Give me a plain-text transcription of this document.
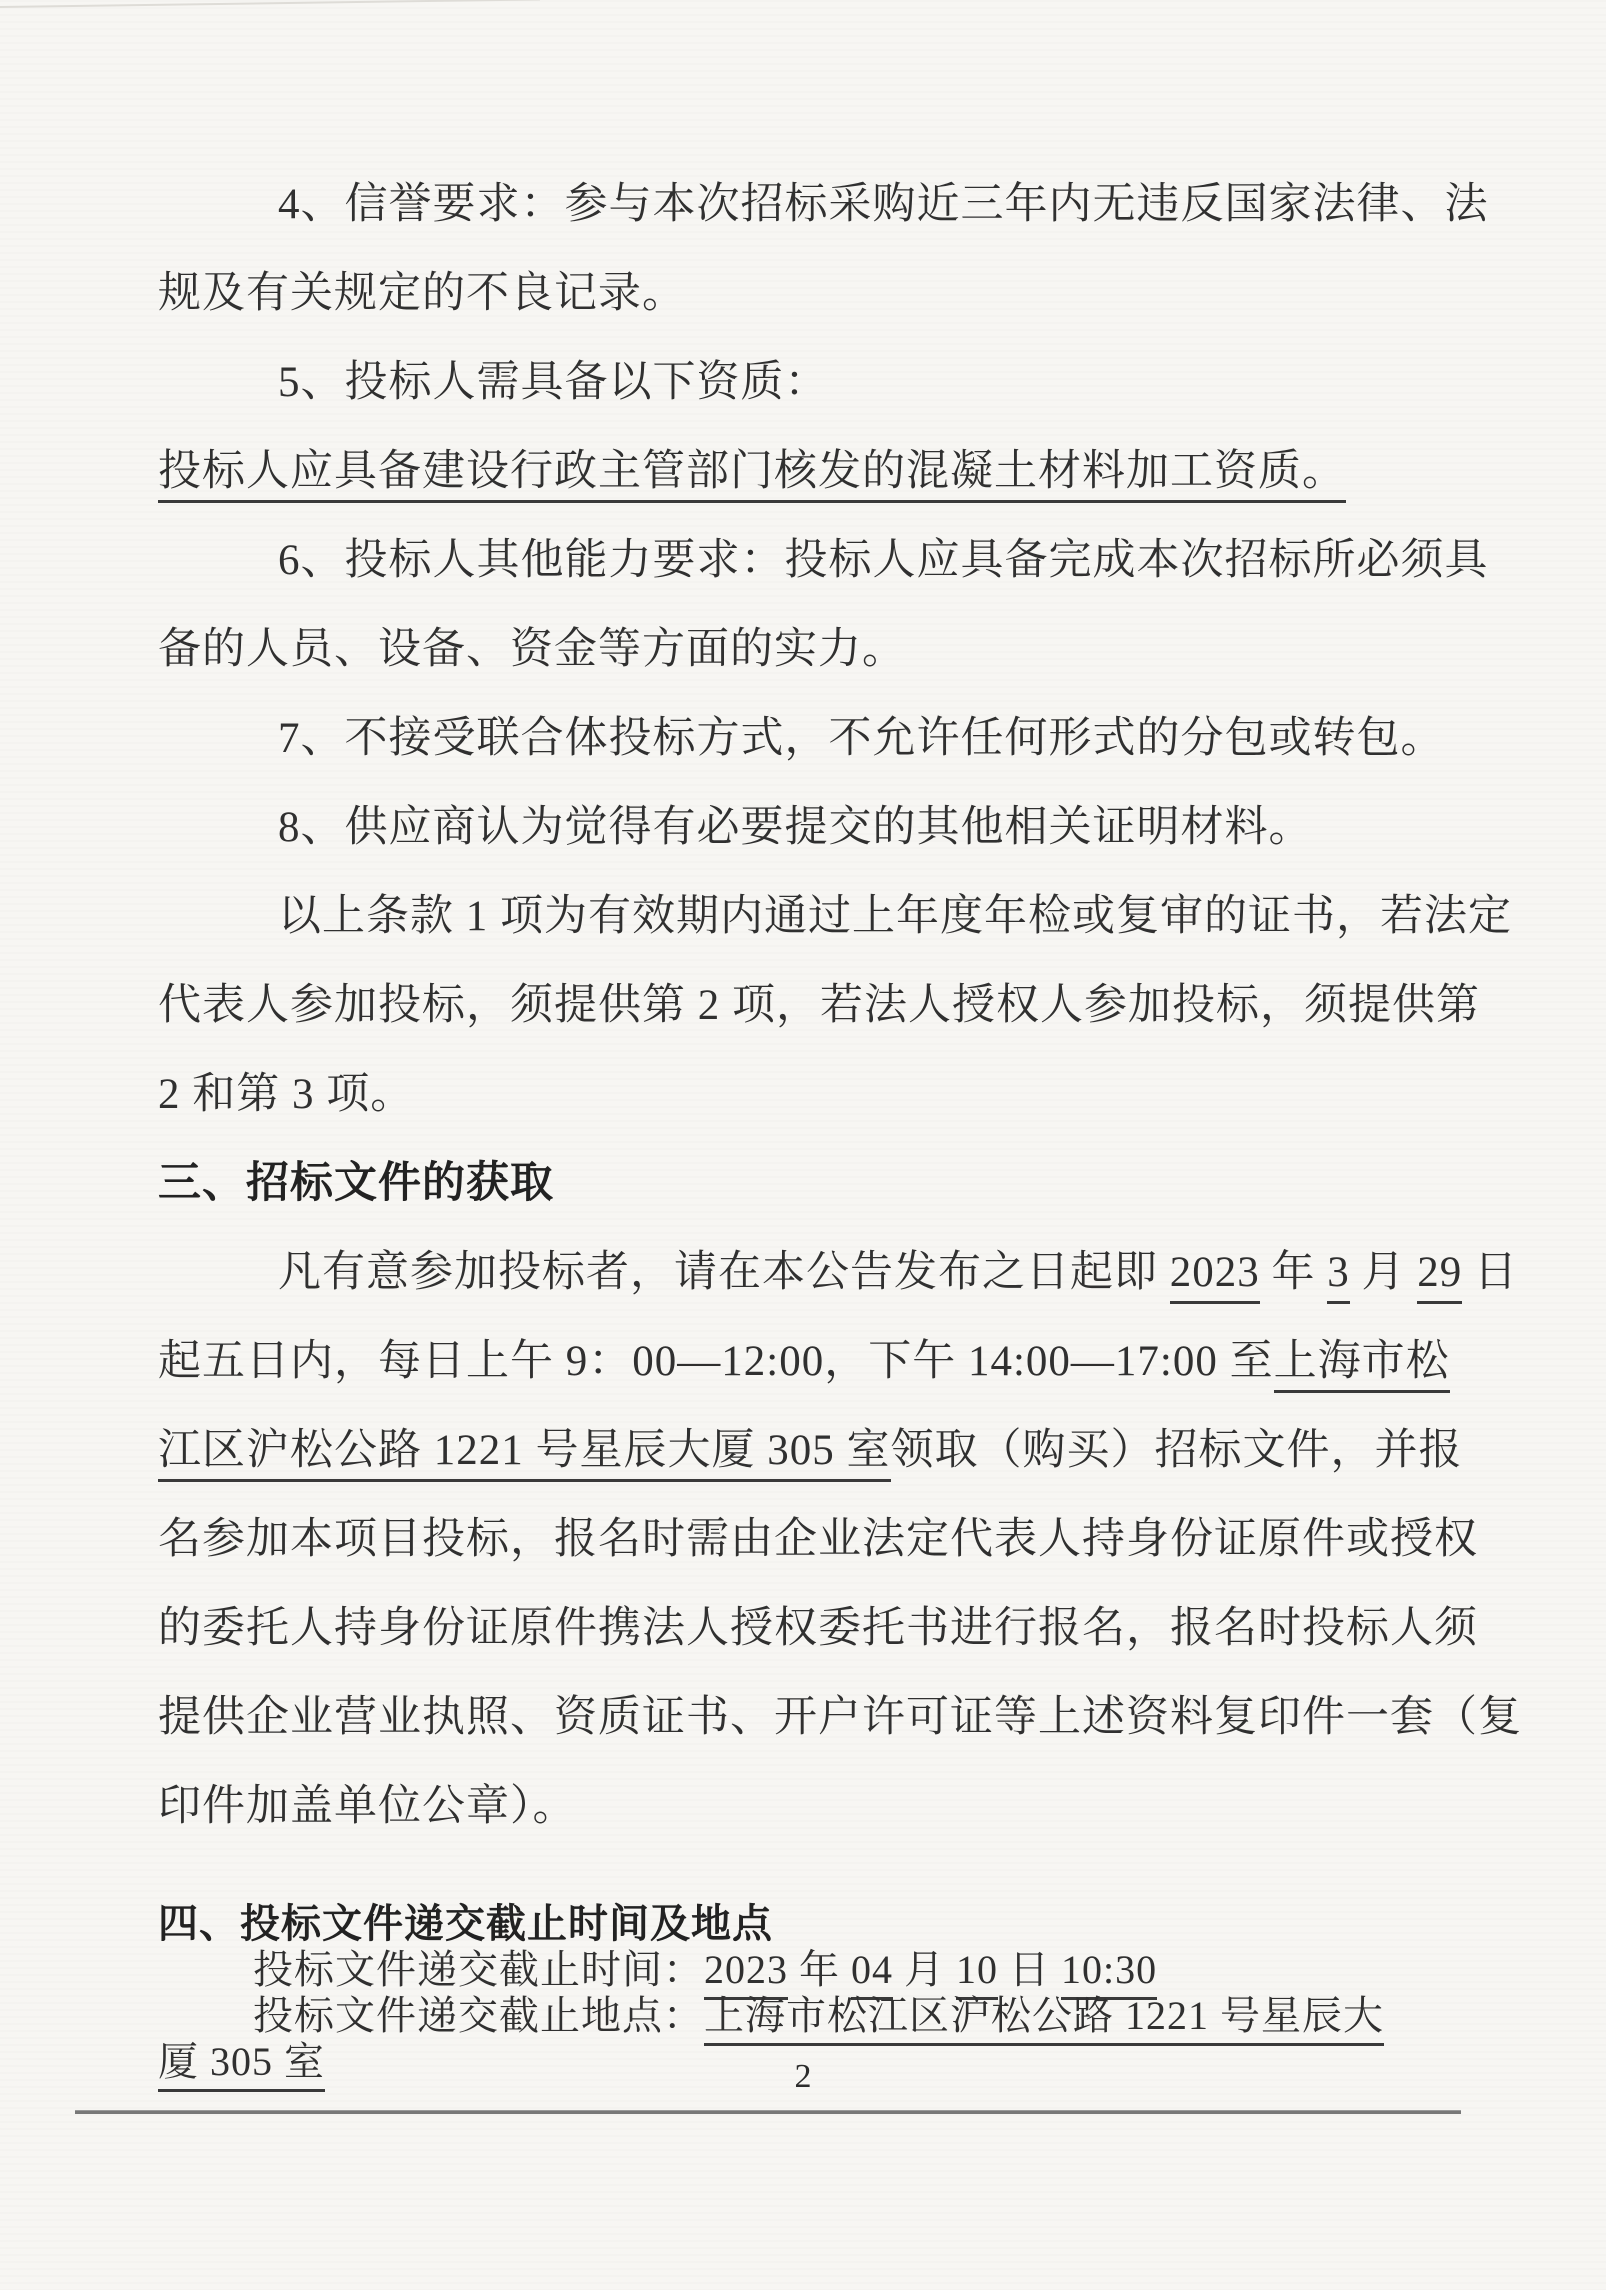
4、信誉要求：参与本次招标采购近三年内无违反国家法律、法

规及有关规定的不良记录。

5、投标人需具备以下资质：

投标人应具备建设行政主管部门核发的混凝土材料加工资质。

6、投标人其他能力要求：投标人应具备完成本次招标所必须具

备的人员、设备、资金等方面的实力。

7、不接受联合体投标方式，不允许任何形式的分包或转包。

8、供应商认为觉得有必要提交的其他相关证明材料。

以上条款 1 项为有效期内通过上年度年检或复审的证书，若法定

代表人参加投标，须提供第 2 项，若法人授权人参加投标，须提供第

2 和第 3 项。

三、招标文件的获取

凡有意参加投标者，请在本公告发布之日起即 2023 年 3 月 29 日

起五日内，每日上午 9：00—12:00，下午 14:00—17:00 至上海市松

江区沪松公路 1221 号星辰大厦 305 室领取（购买）招标文件，并报

名参加本项目投标，报名时需由企业法定代表人持身份证原件或授权

的委托人持身份证原件携法人授权委托书进行报名，报名时投标人须

提供企业营业执照、资质证书、开户许可证等上述资料复印件一套（复

印件加盖单位公章）。

四、投标文件递交截止时间及地点

投标文件递交截止时间：2023 年 04 月 10 日 10:30

投标文件递交截止地点：上海市松江区沪松公路 1221 号星辰大

厦 305 室	2
